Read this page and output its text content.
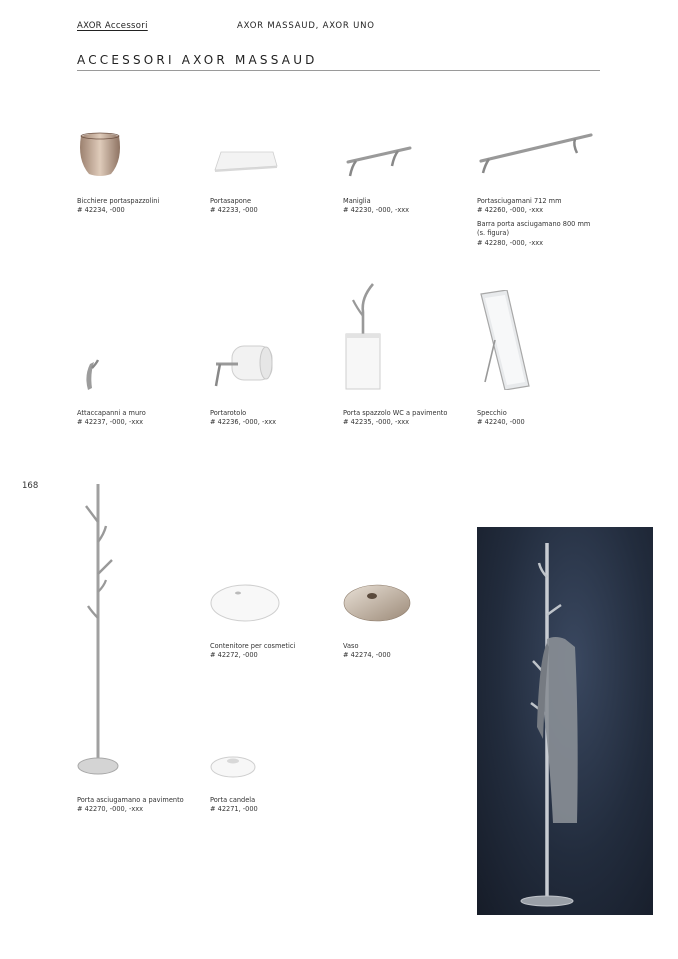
AXOR Accessori	AXOR MASSAUD, AXOR UNO
ACCESSORI AXOR MASSAUD
168
Bicchiere portaspazzolini
# 42234, -000
Portasapone
# 42233, -000
Maniglia
# 42230, -000, -xxx
Portasciugamani 712 mm
# 42260, -000, -xxx
Barra porta asciugamano 800 mm
(s. figura)
# 42280, -000, -xxx
Attaccapanni a muro
# 42237, -000, -xxx
Portarotolo
# 42236, -000, -xxx
Porta spazzolo WC a pavimento
# 42235, -000, -xxx
Specchio
# 42240, -000
Contenitore per cosmetici
# 42272, -000
Vaso
# 42274, -000
Porta asciugamano a pavimento
# 42270, -000, -xxx
Porta candela
# 42271, -000
